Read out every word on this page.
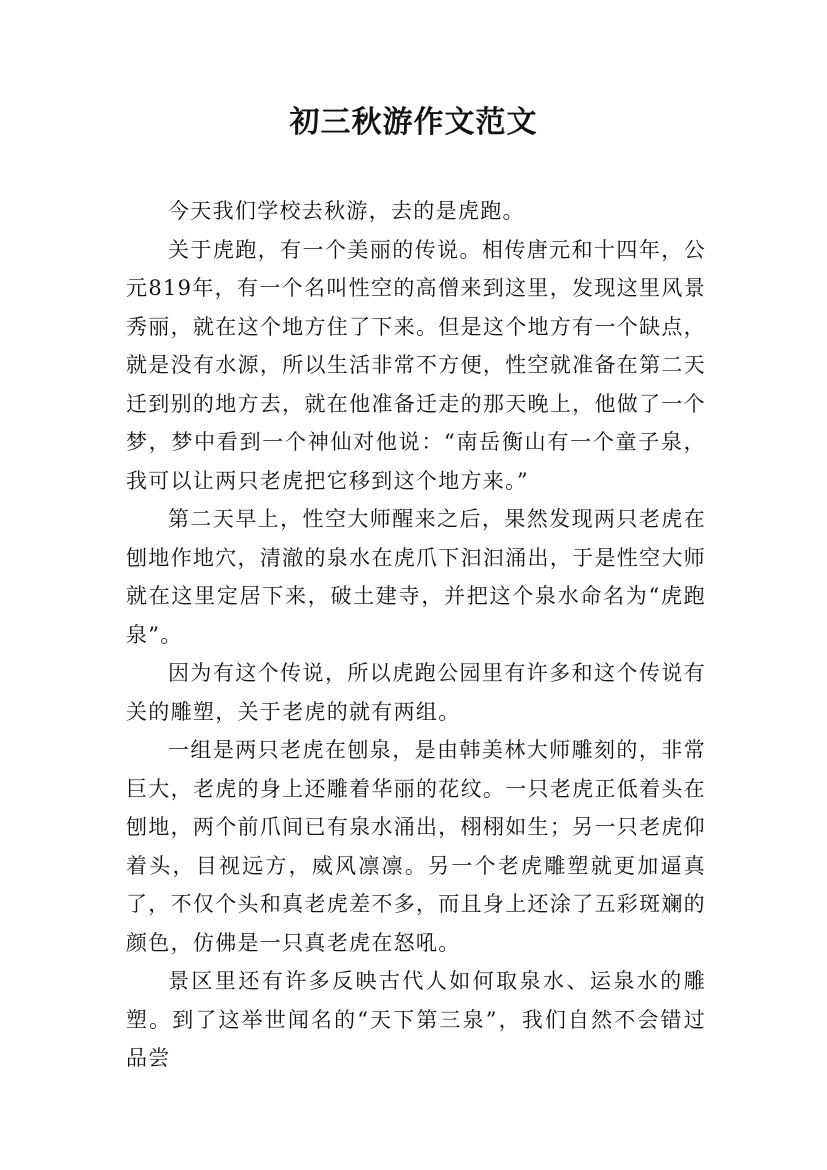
初三秋游作文范文

今天我们学校去秋游，去的是虎跑。

关于虎跑，有一个美丽的传说。相传唐元和十四年，公元819年，有一个名叫性空的高僧来到这里，发现这里风景秀丽，就在这个地方住了下来。但是这个地方有一个缺点，就是没有水源，所以生活非常不方便，性空就准备在第二天迁到别的地方去，就在他准备迁走的那天晚上，他做了一个梦，梦中看到一个神仙对他说：“南岳衡山有一个童子泉，我可以让两只老虎把它移到这个地方来。”

第二天早上，性空大师醒来之后，果然发现两只老虎在刨地作地穴，清澈的泉水在虎爪下汩汩涌出，于是性空大师就在这里定居下来，破土建寺，并把这个泉水命名为“虎跑泉”。

因为有这个传说，所以虎跑公园里有许多和这个传说有关的雕塑，关于老虎的就有两组。

一组是两只老虎在刨泉，是由韩美林大师雕刻的，非常巨大，老虎的身上还雕着华丽的花纹。一只老虎正低着头在刨地，两个前爪间已有泉水涌出，栩栩如生；另一只老虎仰着头，目视远方，威风凛凛。另一个老虎雕塑就更加逼真了，不仅个头和真老虎差不多，而且身上还涂了五彩斑斓的颜色，仿佛是一只真老虎在怒吼。

景区里还有许多反映古代人如何取泉水、运泉水的雕塑。到了这举世闻名的“天下第三泉”，我们自然不会错过品尝
